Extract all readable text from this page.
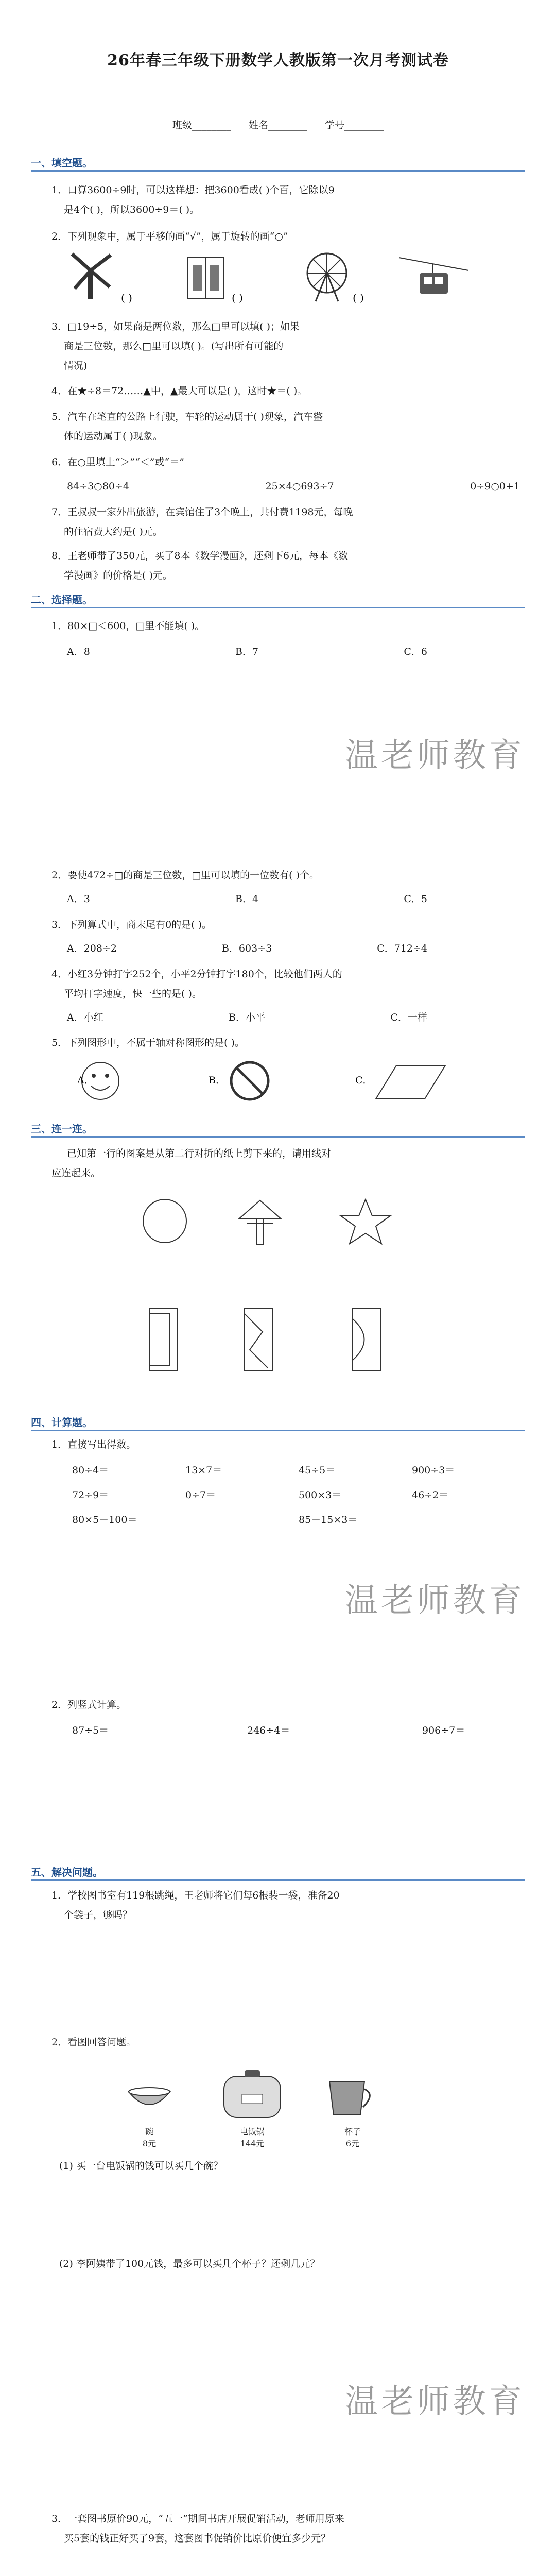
26年春三年级下册数学人教版第一次月考测试卷
班级________ 姓名________ 学号________
一、填空题。
1．口算3600÷9时，可以这样想：把3600看成( )个百，它除以9
是4个( )，所以3600÷9＝( )。
2．下列现象中，属于平移的画“√”，属于旋转的画“○”
( )	( )	( )
3．□19÷5，如果商是两位数，那么□里可以填( )；如果
商是三位数，那么□里可以填( )。(写出所有可能的
情况)
4．在★÷8＝72……▲中，▲最大可以是( )，这时★＝( )。
5．汽车在笔直的公路上行驶，车轮的运动属于( )现象，汽车整
体的运动属于( )现象。
6．在○里填上“＞”“＜”或“＝”
84÷3○80÷4	25×4○693÷7	0÷9○0+1
7．王叔叔一家外出旅游，在宾馆住了3个晚上，共付费1198元，每晚
的住宿费大约是( )元。
8．王老师带了350元，买了8本《数学漫画》，还剩下6元，每本《数
学漫画》的价格是( )元。
二、选择题。
1．80×□＜600，□里不能填( )。
A．8	B．7	C．6
温老师教育
2．要使472÷□的商是三位数，□里可以填的一位数有( )个。
A．3	B．4	C．5
3．下列算式中，商末尾有0的是( )。
A．208÷2	B．603÷3	C．712÷4
4．小红3分钟打字252个，小平2分钟打字180个，比较他们两人的
平均打字速度，快一些的是( )。
A．小红	B．小平	C．一样
5．下列图形中，不属于轴对称图形的是( )。
A．	B．	C．
三、连一连。
已知第一行的图案是从第二行对折的纸上剪下来的，请用线对
应连起来。
四、计算题。
1．直接写出得数。
80÷4＝	13×7＝	45÷5＝	900÷3＝
72÷9＝	0÷7＝	500×3＝	46÷2＝
80×5－100＝	85－15×3＝
温老师教育
2．列竖式计算。
87÷5＝	246÷4＝	906÷7＝
五、解决问题。
1．学校图书室有119根跳绳，王老师将它们每6根装一袋，准备20
个袋子，够吗？
2．看图回答问题。
碗
8元
电饭锅
144元
杯子
6元
(1) 买一台电饭锅的钱可以买几个碗？
(2) 李阿姨带了100元钱，最多可以买几个杯子？还剩几元？
温老师教育
3．一套图书原价90元，“五一”期间书店开展促销活动，老师用原来
买5套的钱正好买了9套，这套图书促销价比原价便宜多少元？
